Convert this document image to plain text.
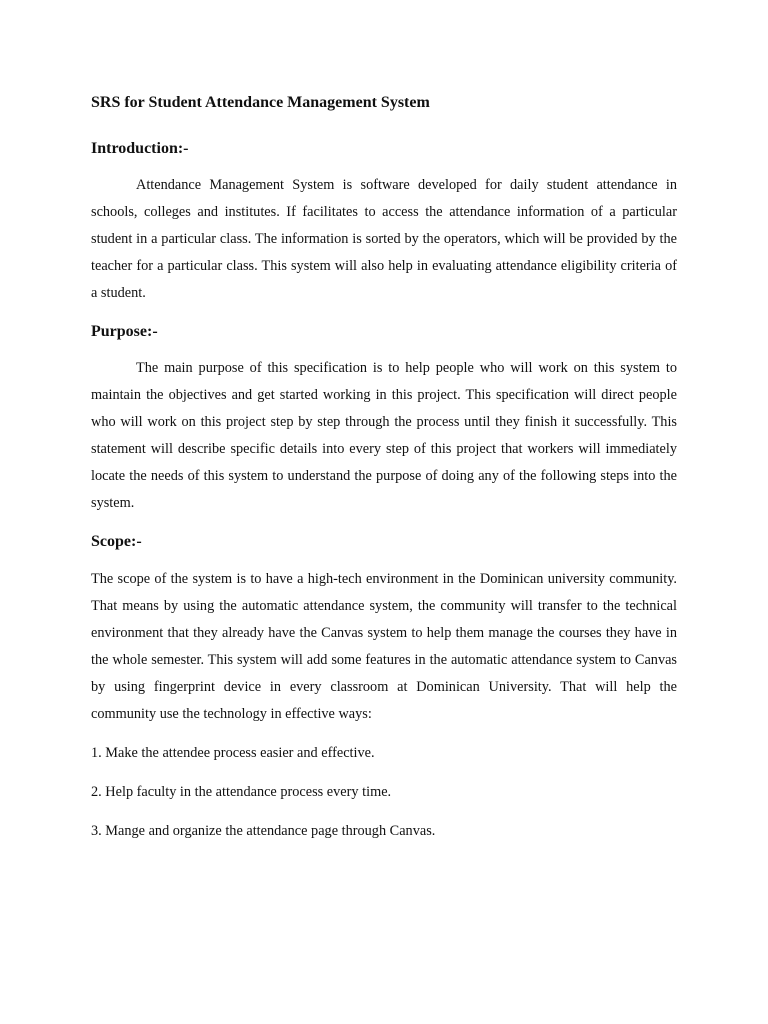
SRS for Student Attendance Management System
Introduction:-

Attendance Management System is software developed for daily student attendance in schools, colleges and institutes. If facilitates to access the attendance information of a particular student in a particular class. The information is sorted by the operators, which will be provided by the teacher for a particular class. This system will also help in evaluating attendance eligibility criteria of a student.

Purpose:-

The main purpose of this specification is to help people who will work on this system to maintain the objectives and get started working in this project. This specification will direct people who will work on this project step by step through the process until they finish it successfully. This statement will describe specific details into every step of this project that workers will immediately locate the needs of this system to understand the purpose of doing any of the following steps into the system.

Scope:-

The scope of the system is to have a high-tech environment in the Dominican university community. That means by using the automatic attendance system, the community will transfer to the technical environment that they already have the Canvas system to help them manage the courses they have in the whole semester. This system will add some features in the automatic attendance system to Canvas by using fingerprint device in every classroom at Dominican University. That will help the community use the technology in effective ways:

1. Make the attendee process easier and effective.
2. Help faculty in the attendance process every time.
3. Mange and organize the attendance page through Canvas.
